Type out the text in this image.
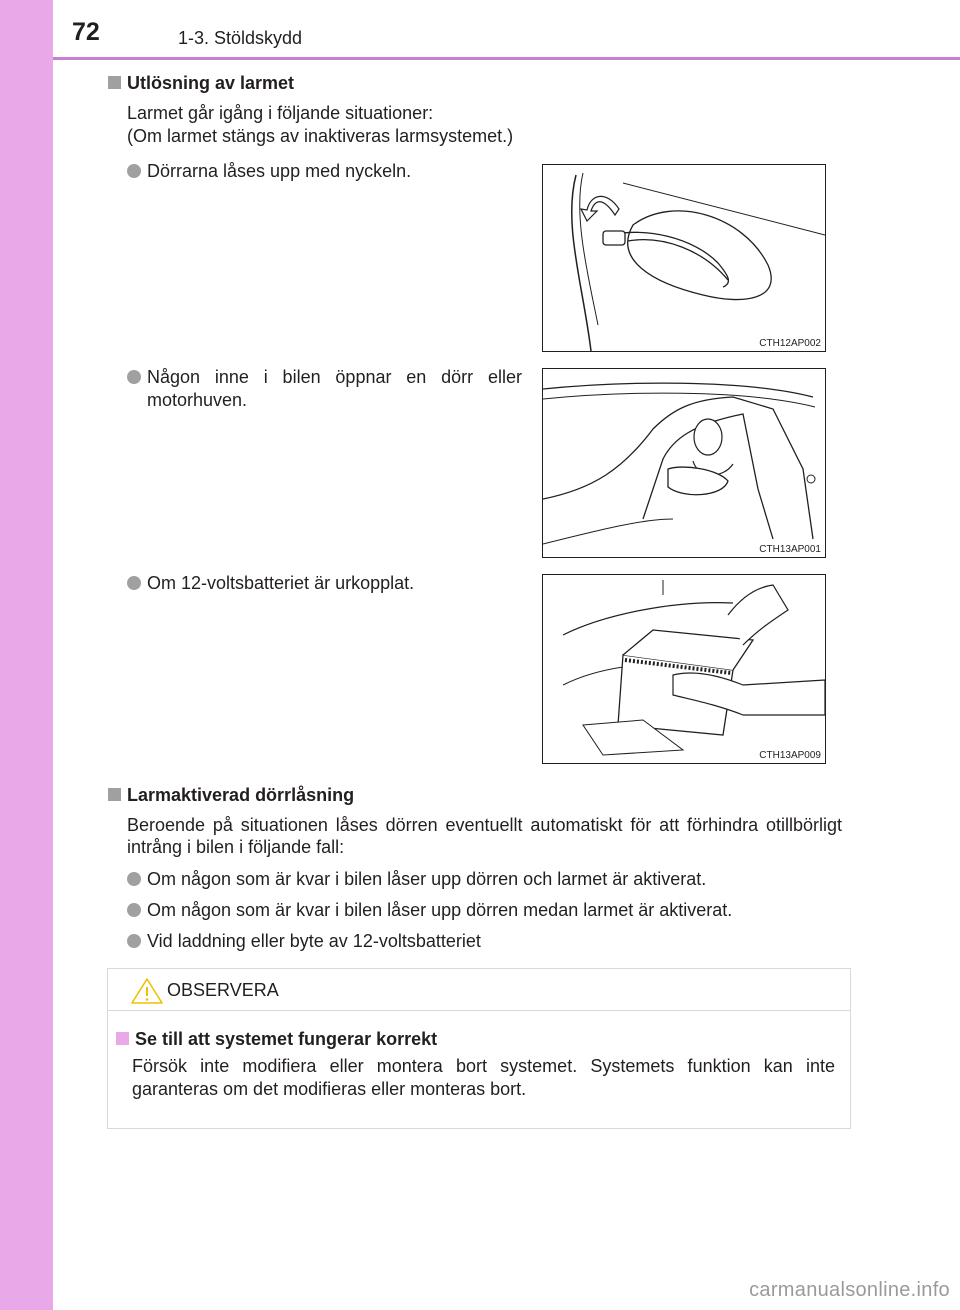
72	1-3. Stöldskydd
Utlösning av larmet
Larmet går igång i följande situationer:
(Om larmet stängs av inaktiveras larmsystemet.)
Dörrarna låses upp med nyckeln.
CTH12AP002
Någon inne i bilen öppnar en dörr eller motorhuven.
CTH13AP001
Om 12-voltsbatteriet är urkopplat.
CTH13AP009
Larmaktiverad dörrlåsning
Beroende på situationen låses dörren eventuellt automatiskt för att förhindra otillbörligt intrång i bilen i följande fall:
Om någon som är kvar i bilen låser upp dörren och larmet är aktiverat.
Om någon som är kvar i bilen låser upp dörren medan larmet är aktiverat.
Vid laddning eller byte av 12-voltsbatteriet
OBSERVERA
Se till att systemet fungerar korrekt
Försök inte modifiera eller montera bort systemet. Systemets funktion kan inte garanteras om det modifieras eller monteras bort.
carmanualsonline.info
